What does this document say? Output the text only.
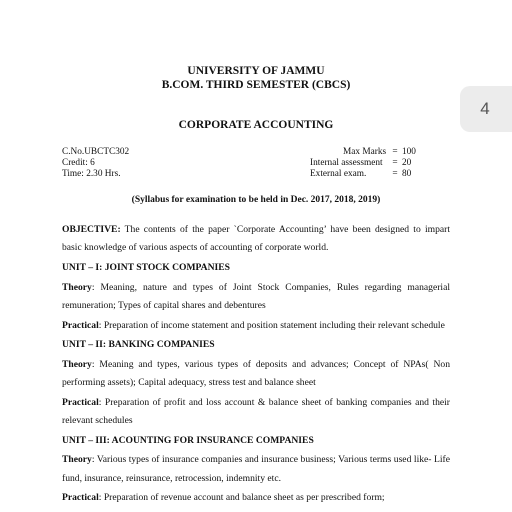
UNIVERSITY OF JAMMU
B.COM. THIRD SEMESTER (CBCS)
CORPORATE ACCOUNTING
4
C.No.UBCTC302
Credit: 6
Time: 2.30 Hrs.
Max Marks = 100
Internal assessment	= 20
External exam.	= 80
(Syllabus for examination to be held in Dec. 2017, 2018, 2019)

OBJECTIVE: The contents of the paper `Corporate Accounting’ have been designed to impart basic knowledge of various aspects of accounting of corporate world.

UNIT – I: JOINT STOCK COMPANIES

Theory: Meaning, nature and types of Joint Stock Companies, Rules regarding managerial remuneration; Types of capital shares and debentures

Practical: Preparation of income statement and position statement including their relevant schedule

UNIT – II: BANKING COMPANIES

Theory: Meaning and types, various types of deposits and advances; Concept of NPAs( Non performing assets); Capital adequacy, stress test and balance sheet

Practical: Preparation of profit and loss account & balance sheet of banking companies and their relevant schedules

UNIT – III: ACOUNTING FOR INSURANCE COMPANIES

Theory: Various types of insurance companies and insurance business; Various terms used like- Life fund, insurance, reinsurance, retrocession, indemnity etc.

Practical: Preparation of revenue account and balance sheet as per prescribed form;
